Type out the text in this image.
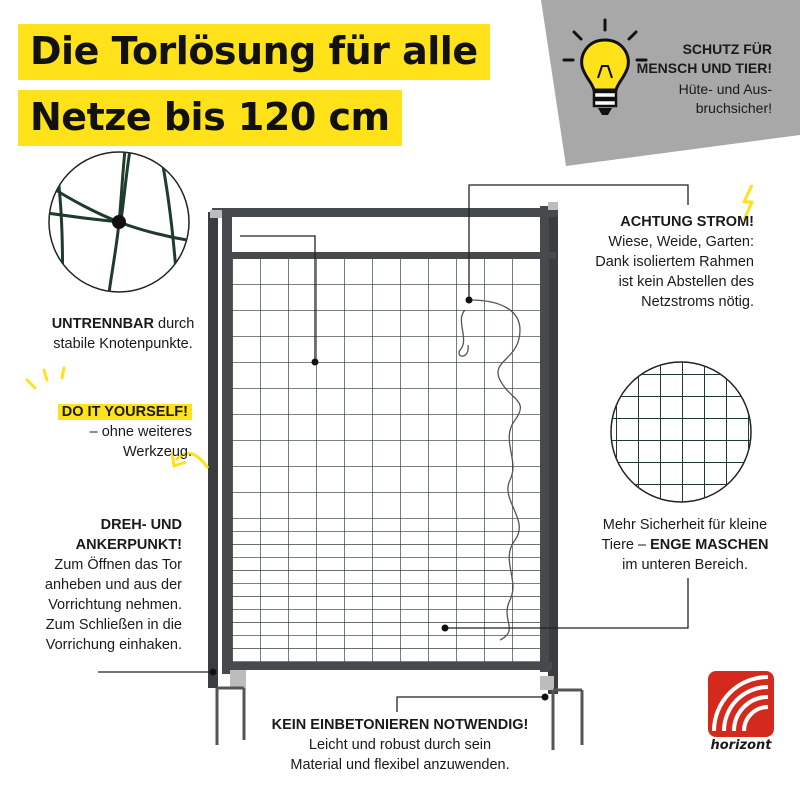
SCHUTZ FÜR
MENSCH UND TIER!
Hüte- und Aus-
bruchsicher!
Die Torlösung für alle
Netze bis 120 cm
ACHTUNG STROM!
Wiese, Weide, Garten:
Dank isoliertem Rahmen
ist kein Abstellen des
Netzstroms nötig.
UNTRENNBAR durch
stabile Knotenpunkte.
DO IT YOURSELF!
– ohne weiteres
Werkzeug.
DREH- UND
ANKERPUNKT!
Zum Öffnen das Tor
anheben und aus der
Vorrichtung nehmen.
Zum Schließen in die
Vorrichung einhaken.
Mehr Sicherheit für kleine
Tiere – ENGE MASCHEN
im unteren Bereich.
KEIN EINBETONIEREN NOTWENDIG!
Leicht und robust durch sein
Material und flexibel anzuwenden.
horizont
